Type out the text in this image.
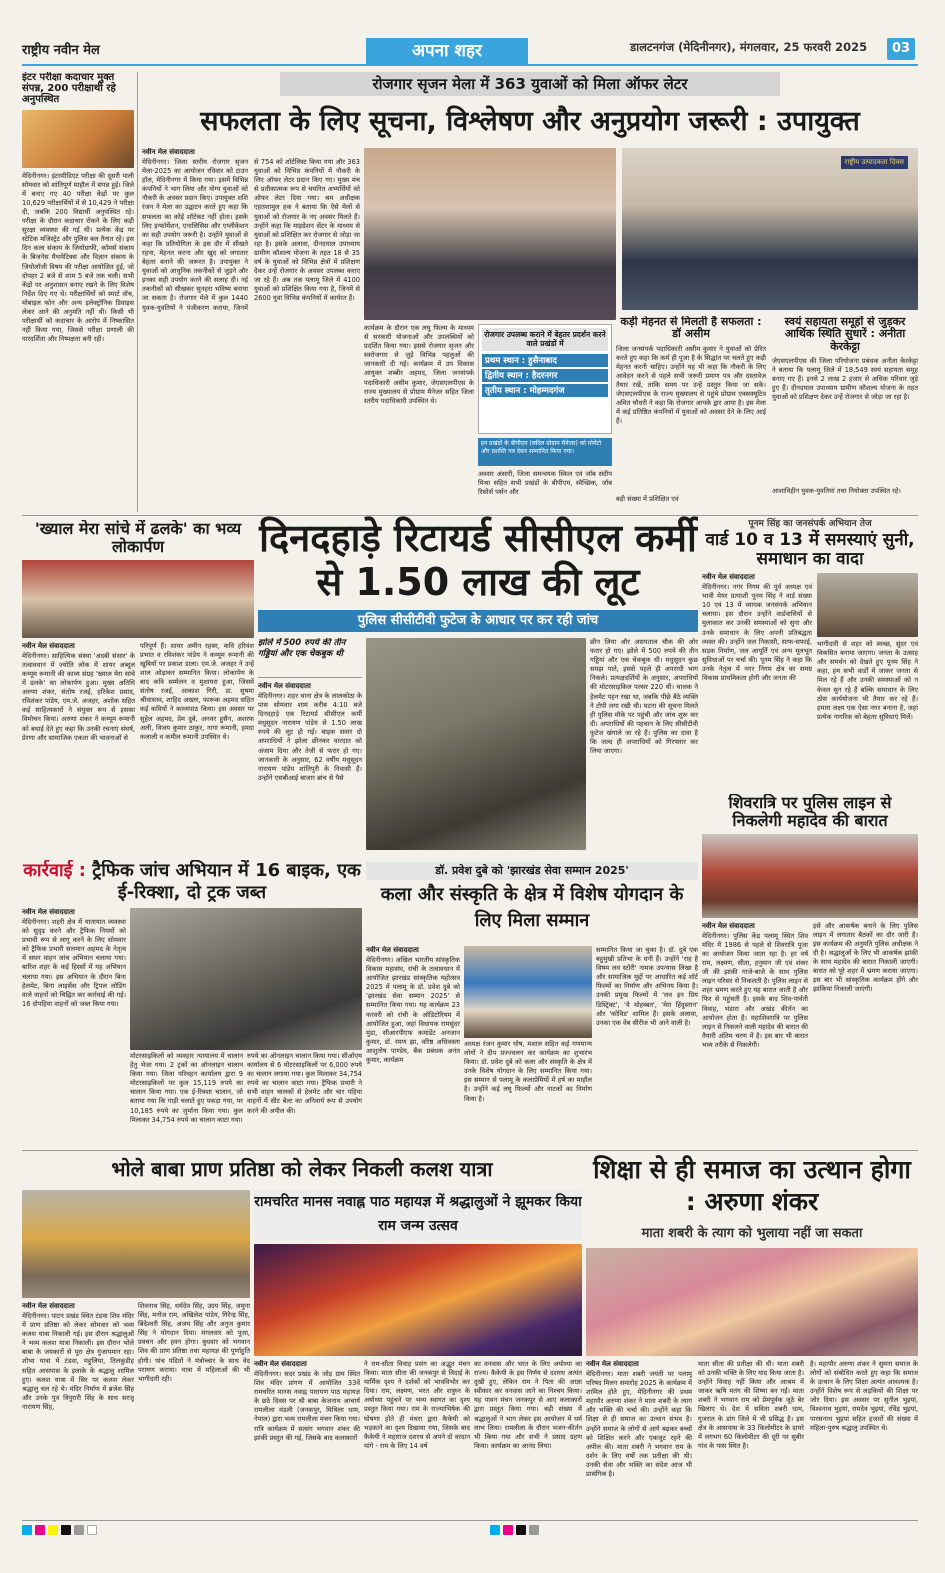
राष्ट्रीय नवीन मेल	अपना शहर	डालटनगंज (मेदिनीनगर), मंगलवार, 25 फरवरी 2025	03
इंटर परीक्षा कदाचार मुक्त संपन्न, 200 परीक्षार्थी रहे अनुपस्थित

मेदिनीनगर। इंटरमीडिएट परीक्षा की दूसरी पाली सोमवार को शांतिपूर्ण माहौल में संपन्न हुई। जिले में बनाए गए 40 परीक्षा केंद्रों पर कुल 10,629 परीक्षार्थियों में से 10,429 ने परीक्षा दी, जबकि 200 विद्यार्थी अनुपस्थित रहे। परीक्षा के दौरान कदाचार रोकने के लिए कड़ी सुरक्षा व्यवस्था की गई थी। प्रत्येक केंद्र पर स्टेटिक मजिस्ट्रेट और पुलिस बल तैनात रहे। इस दिन कला संकाय के जियोग्राफी, कॉमर्स संकाय के बिजनेस मैथमेटिक्स और विज्ञान संकाय के जियोलॉजी विषय की परीक्षा आयोजित हुई, जो दोपहर 2 बजे से शाम 5 बजे तक चली। सभी केंद्रों पर अनुशासन बनाए रखने के लिए विशेष निर्देश दिए गए थे। परीक्षार्थियों को स्मार्ट वॉच, मोबाइल फोन और अन्य इलेक्ट्रॉनिक डिवाइस लेकर आने की अनुमति नहीं थी। किसी भी परीक्षार्थी को कदाचार के आरोप में निष्कासित नहीं किया गया, जिससे परीक्षा प्रणाली की पारदर्शिता और निष्पक्षता बनी रही।

रोजगार सृजन मेला में 363 युवाओं को मिला ऑफर लेटर
सफलता के लिए सूचना, विश्लेषण और अनुप्रयोग जरूरी : उपायुक्त
नवीन मेल संवाददाता

मेदिनीनगर। जिला स्तरीय रोजगार सृजन मेला-2025 का आयोजन रविवार को टाउन हॉल, मेदिनीनगर में किया गया। इसमें विभिन्न कंपनियों ने भाग लिया और योग्य युवाओं को नौकरी के अवसर प्रदान किए। उपायुक्त शशि रंजन ने मेला का उद्घाटन करते हुए कहा कि सफलता का कोई शॉर्टकट नहीं होता। इसके लिए इन्फॉर्मेशन, एनालिसिस और एप्लीकेशन का सही उपयोग जरूरी है। उन्होंने युवाओं से कहा कि प्रतियोगिता के इस दौर में सीखते रहना, मेहनत करना और खुद को लगातार बेहतर बनाने की जरूरत है। उपायुक्त ने युवाओं को आधुनिक तकनीकों से जुड़ने और इनका सही उपयोग करने की सलाह दी। नई तकनीकों को सीखकर सुनहरा भविष्य बनाया जा सकता है। रोजगार मेले में कुल 1440 युवक-युवतियों ने पंजीकरण कराया, जिनमें से 754 को शॉर्टलिस्ट किया गया और 363 युवाओं को विभिन्न कंपनियों में नौकरी के लिए ऑफर लेटर प्रदान किए गए। मुख्य मंच से प्रतीकात्मक रूप से चयनित अभ्यर्थियों को ऑफर लेटर दिया गया। श्रम अधीक्षक एहतशामुल हक ने बताया कि ऐसे मेलों से युवाओं को रोजगार के नए अवसर मिलते हैं। उन्होंने कहा कि माइग्रेशन सेंटर के माध्यम से युवाओं को प्रशिक्षित कर रोजगार से जोड़ा जा रहा है। इसके अलावा, दीनदयाल उपाध्याय ग्रामीण कौशल्य योजना के तहत 18 से 35 वर्ष के युवाओं को विभिन्न क्षेत्रों में प्रशिक्षण देकर उन्हें रोजगार के अवसर उपलब्ध कराए जा रहे हैं। अब तक पलामू जिले में 4100 युवाओं को प्रशिक्षित किया गया है, जिनमें से 2600 युवा विभिन्न कंपनियों में कार्यरत हैं।

राष्ट्रीय उत्पादकता दिवस

कार्यक्रम के दौरान एक लघु फिल्म के माध्यम से सरकारी योजनाओं और उपलब्धियों को प्रदर्शित किया गया। इससे रोजगार सृजन और स्वरोजगार से जुड़े विभिन्न पहलुओं की जानकारी दी गई। कार्यक्रम में उप विकास आयुक्त शब्बीर अहमद, जिला जनसंपर्क पदाधिकारी असीम कुमार, जेएसएलपीएस के राज्य मुख्यालय से प्रोग्राम मैनेजर सहित जिला स्तरीय पदाधिकारी उपस्थित थे।

रोजगार उपलब्ध कराने में बेहतर प्रदर्शन करने वाले प्रखंडों में
प्रथम स्थान : हुसैनाबाद
द्वितीय स्थान : हैदरनगर
तृतीय स्थान : मोहम्मदगंज

इन प्रखंडों के बीपीएम (स्कील प्रोग्राम मैनेजर) को मोमेंटो और प्रशस्ति पत्र देकर सम्मानित किया गया।

अवसर अंसारी, जिला समन्वयक स्किल एवं जॉब संदीप मिश्रा सहित सभी प्रखंडों के बीपीएम, स्वैच्छिक, जॉब रिसोर्स पर्सन और

कड़ी मेहनत से मिलती है सफलता : डॉ असीम

जिला जनसंपर्क पदाधिकारी असीम कुमार ने युवाओं को प्रेरित करते हुए कहा कि कर्म ही पूजा है के सिद्धांत पर चलते हुए कड़ी मेहनत करनी चाहिए। उन्होंने यह भी कहा कि नौकरी के लिए आवेदन करने से पहले सभी जरूरी प्रमाण पत्र और दस्तावेज तैयार रखें, ताकि समय पर उन्हें प्रस्तुत किया जा सके। जेएसएलपीएस के राज्य मुख्यालय से पहुंचे प्रोग्राम एक्सक्यूटिव अमित चौधरी ने कहा कि रोजगार आपके द्वार आया है। इस मेला में कई प्रतिष्ठित कंपनियों में युवाओं को अवसर देने के लिए आई हैं।

बड़ी संख्या में प्रशिक्षित एवं

स्वयं सहायता समूहों से जुड़कर आर्थिक स्थिति सुधारें : अनीता केरकेट्टा

जेएसएलपीएस की जिला परियोजना प्रबंधक अनीता केरकेट्टा ने बताया कि पलामू जिले में 18,549 स्वयं सहायता समूह बनाए गए हैं। इनसे 2 लाख 2 हजार से अधिक परिवार जुड़े हुए हैं। दीनदयाल उपाध्याय ग्रामीण कौशल्य योजना के तहत युवाओं को प्रशिक्षण देकर उन्हें रोजगार से जोड़ा जा रहा है।

आशाविहीन युवक-युवतियां तथा नियोक्ता उपस्थित रहे।

'ख्याल मेरा सांचे में ढलके' का भव्य लोकार्पण
नवीन मेल संवाददाता

मेदिनीनगर। साहित्यिक संस्था 'अदबी संसार' के तत्वावधान में ज्योति लोक में शायर अब्दुल कय्यूम रूमानी की काव्य संग्रह 'ख्याल मेरा सांचे में ढलके' का लोकार्पण हुआ। मुख्य अतिथि अरुणा शंकर, संतोष रजई, हरिकेश प्रसाद, रविशंकर पांडेय, एम.जे. अजहर, अशोक सहित कई साहित्यकारों ने संयुक्त रूप से इसका विमोचन किया। अरुणा शंकर ने कय्यूम रूमानी को बधाई देते हुए कहा कि उनकी रचनाएं संघर्ष, प्रेरणा और सामाजिक एकता की भावनाओं से

परिपूर्ण हैं। शायर अमीन रहबर, कवि हरिवंश प्रभात व रविशंकर पांडेय ने कय्यूम रूमानी की खूबियों पर प्रकाश डाला। एम.जे. अजहर ने उन्हें शाल ओढ़ाकर सम्मानित किया। लोकार्पण के बाद कवि सम्मेलन व मुशायरा हुआ, जिसमें संतोष रजई, आकाश गिरी, डा. सुषमा श्रीवास्तव, शाहिद अख्तर, फारूक अहमद सहित कई कवियों ने काव्यपाठ किया। इस अवसर पर सुहेल अहमद, प्रेम दुबे, अनवर हुसैन, अशरफ अली, विजय कुमार ठाकुर, नागा रूमानी, हमदा कलाली व कमील रूमानी उपस्थित थे।

दिनदहाड़े रिटायर्ड सीसीएल कर्मी से 1.50 लाख की लूट
पुलिस सीसीटीवी फुटेज के आधार पर कर रही जांच

झोले में 500 रुपये की तीन गड्डियां और एक चेकबुक थी

नवीन मेल संवाददाता

मेदिनीनगर। शहर थाना क्षेत्र के लालकोठा के पास सोमवार शाम करीब 4:10 बजे दिनदहाड़े एक रिटायर्ड सीसीएल कर्मी मधुसूदन नारायण पांडेय से 1.50 लाख रुपये की लूट हो गई। बाइक सवार दो अपराधियों ने झोला छीनकर वारदात को अंजाम दिया और तेजी से फरार हो गए। जानकारी के अनुसार, 62 वर्षीय मधुसूदन नारायण पांडेय शांतिपुरी के निवासी हैं। उन्होंने एसबीआई बाजार ब्रांच से पैसे

छीन लिया और असपताल चौक की ओर फरार हो गए। झोले में 500 रुपये की तीन गड्डियां और एक चेकबुक थी। मधुसूदन कुछ समझ पाते, इससे पहले ही अपराधी भाग निकले। प्रत्यक्षदर्शियों के अनुसार, अपराधियों की मोटरसाइकिल पल्सर 220 थी। चालक ने हेलमेट पहन रखा था, जबकि पीछे बैठे व्यक्ति ने टोपी लगा रखी थी। घटना की सूचना मिलते ही पुलिस मौके पर पहुंची और जांच शुरू कर दी। अपराधियों की पहचान के लिए सीसीटीवी फुटेज खंगाले जा रहे हैं। पुलिस का दावा है कि जल्द ही अपराधियों को गिरफ्तार कर लिया जाएगा।

पूनम सिंह का जनसंपर्क अभियान तेज
वार्ड 10 व 13 में समस्याएं सुनी, समाधान का वादा
नवीन मेल संवाददाता

मेदिनीनगर। नगर निगम की पूर्व अध्यक्ष एवं भावी मेयर प्रत्याशी पूनम सिंह ने वार्ड संख्या 10 एवं 13 में व्यापक जनसंपर्क अभियान चलाया। इस दौरान उन्होंने वार्डवासियों से मुलाकात कर उनकी समस्याओं को सुना और उनके समाधान के लिए अपनी प्रतिबद्धता व्यक्त की। उन्होंने जल निकासी, साफ-सफाई, सड़क निर्माण, जल आपूर्ति एवं अन्य मूलभूत सुविधाओं पर चर्चा की। पूनम सिंह ने कहा कि उनके नेतृत्व में नगर निगम क्षेत्र का समग्र विकास प्राथमिकता होगी और जनता की

भागीदारी से शहर को स्वच्छ, सुंदर एवं विकसित बनाया जाएगा। जनता के उत्साह और समर्थन को देखते हुए पूनम सिंह ने कहा, हम सभी वार्डों में जाकर जनता से मिल रहे हैं और उनकी समस्याओं को न केवल सुन रहे हैं बल्कि समाधान के लिए ठोस कार्ययोजना भी तैयार कर रहे हैं। हमारा लक्ष्य एक ऐसा नगर बनाना है, जहां प्रत्येक नागरिक को बेहतर सुविधाएं मिलें।

शिवरात्रि पर पुलिस लाइन से निकलेगी महादेव की बारात
नवीन मेल संवाददाता

मेदिनीनगर। पुलिस केंद्र पलामू स्थित शिव मंदिर में 1986 से पहले से शिवरात्रि पूजा का आयोजन किया जाता रहा है। हर वर्ष राम, लक्ष्मण, सीता, हनुमान जी एवं शंकर जी की झांकी गाजे-बाजे के साथ पुलिस लाइन परिसर से निकलती है। पुलिस लाइन से शहर भ्रमण करते हुए यह बारात जाती है और फिर से पहुंचती है। इसके बाद शिव-पार्वती विवाह, भंडारा और अखंड कीर्तन का आयोजन होता है। महाशिवरात्रि पर पुलिस लाइन से निकलने वाली महादेव की बारात की तैयारी अंतिम चरण में है। इस बार भी बारात भव्य तरीके से निकलेगी।

इसे और आकर्षक बनाने के लिए पुलिस लाइन में लगातार बैठकों का दौर जारी है। इस कार्यक्रम की अनुमति पुलिस अधीक्षक ने दी है। श्रद्धालुओं के लिए भी आकर्षक झांकी के साथ महादेव की बारात निकाली जाएगी। बारात को पूरे शहर में भ्रमण कराया जाएगा। इस बार भी सांस्कृतिक कार्यक्रम होंगे और झांकियां निकाली जाएंगी।

कार्रवाई : ट्रैफिक जांच अभियान में 16 बाइक, एक ई-रिक्शा, दो ट्रक जब्त
नवीन मेल संवाददाता

मेदिनीनगर। शहरी क्षेत्र में यातायात व्यवस्था को सुदृढ़ करने और ट्रैफिक नियमों को प्रभावी रूप से लागू करने के लिए सोमवार को ट्रैफिक प्रभारी सलमान अहमद के नेतृत्व में सघन वाहन जांच अभियान चलाया गया। बारिश शहर के कई हिस्सों में यह अभियान चलाया गया। इस अभियान के दौरान बिना हेलमेट, बिना लाइसेंस और ट्रिपल लोडिंग वाले वाहनों को चिह्नित कर कार्रवाई की गई। 16 दोपहिया वाहनों को जब्त किया गया।

मोटरसाइकिलों को व्यवहार न्यायालय में चालान हेतु भेजा गया। 2 ट्रकों का ऑनलाइन चालान किया गया। जिला परिवहन कार्यालय द्वारा 9 मोटरसाइकिलों पर कुल 15,119 रुपये का चालान किया गया। एक ई-रिक्शा चालान, जो बताया गया कि गाड़ी चलाते हुए पकड़ा गया, पर 10,185 रुपये का जुर्माना किया गया। कुल मिलाकर 34,754 रुपये का चालान काटा गया।

रुपये का ऑनलाइन चालान किया गया। सीओएम कार्यालय से 6 मोटरसाइकिलों पर 6,000 रुपये का चालान लगाया गया। कुल मिलाकर 34,754 रुपये का चालान काटा गया। ट्रैफिक प्रभारी ने सभी वाहन चालकों से हेलमेट और चार पहिया वाहनों में सीट बेल्ट का अनिवार्य रूप से उपयोग करने की अपील की।

डॉ. प्रवेश दुबे को 'झारखंड सेवा सम्मान 2025'
कला और संस्कृति के क्षेत्र में विशेष योगदान के लिए मिला सम्मान
नवीन मेल संवाददाता

मेदिनीनगर। अखिल भारतीय सांस्कृतिक विकास महासंघ, रांची के तत्वावधान में आयोजित झारखंड सांस्कृतिक महोत्सव 2025 में पलामू के डॉ. प्रवेश दुबे को 'झारखंड सेवा सम्मान 2025' से सम्मानित किया गया। यह कार्यक्रम 23 फरवरी को रांची के ऑडिटोरियम में आयोजित हुआ, जहां विधायक रामसुंदर मुंडा, सीआरपीएफ कमांडेंट अनजान कुमार, डॉ. रमण झा, वरिष्ठ अधिवक्ता आशुतोष पाण्डेय, बैंक प्रबंधक अनंत कुमार, कार्यक्रम

अध्यक्ष रंजन कुमार घोष, मशाल सहित कई गणमान्य लोगों ने दीप प्रज्ज्वलन कर कार्यक्रम का शुभारंभ किया। डॉ. प्रवेश दुबे को कला और संस्कृति के क्षेत्र में उनके विशेष योगदान के लिए सम्मानित किया गया। इस सम्मान से पलामू के कलाप्रेमियों में हर्ष का माहौल है। उन्होंने कई लघु फिल्मों और नाटकों का निर्माण किया है।

सम्मानित किया जा चुका है। डॉ. दुबे एक बहुमुखी प्रतिभा के धनी हैं। उन्होंने 'राह है विषम लव स्टोरी' नामक उपन्यास लिखा है और सामाजिक मुद्दों पर आधारित कई शॉर्ट फिल्मों का निर्माण और अभिनय किया है। उनकी प्रमुख फिल्मों में 'लव इन प्रिय डिस्ट्रिक्ट', 'ये मोहब्बत', 'मेरा हिंदुस्तान' और 'कोविड' शामिल हैं। इसके अलावा, उनका एक वेब सीरीज भी आने वाली है।

भोले बाबा प्राण प्रतिष्ठा को लेकर निकली कलश यात्रा
नवीन मेल संवाददाता

मेदिनीनगर। पाटन प्रखंड स्थित टंडवा शिव मंदिर में प्राण प्रतिष्ठा को लेकर सोमवार को भव्य कलश यात्रा निकाली गई। इस दौरान श्रद्धालुओं ने भव्य कलश यात्रा निकाली। इस दौरान भोले बाबा के जयकारों से पूरा क्षेत्र गुंजायमान रहा। शोभा यात्रा में टंडवा, महुलिया, तिलकुडीह सहित आसपास के इलाके के श्रद्धालु शामिल हुए। कलश यात्रा में सिर पर कलश लेकर श्रद्धालु चल रहे थे। मंदिर निर्माण में ब्रजेश सिंह और उनके पुत्र त्रिपुरारी सिंह के साथ सरजू नारायण सिंह,

शिवनाथ सिंह, धर्मदेव सिंह, उदय सिंह, जमुना सिंह, मनोज राम, अखिलेश पांडेय, गिरेन्द्र सिंह, बिंदेश्वरी सिंह, अजय सिंह और अनुज कुमार सिंह ने योगदान दिया। मंगलवार को पूजा, प्रवचन और हवन होगा। बुधवार को भगवान शिव की प्राण प्रतिष्ठा तथा महायज्ञ की पूर्णाहुति होगी। पांच पंडितों ने मंत्रोच्चार के साथ वेद परायण कराया। यात्रा में महिलाओं की भी भागीदारी रही।

रामचरित मानस नवाह्न पाठ महायज्ञ में श्रद्धालुओं ने झूमकर किया राम जन्म उत्सव
नवीन मेल संवाददाता

मेदिनीनगर। सदर प्रखंड के जोड़ ग्राम स्थित शिव मंदिर प्रांगण में आयोजित 33वें रामचरित मानस नवाह्न पारायण पाठ महायज्ञ के छठे दिवस पर श्री बाबा केजनाथ आचार्य रामलीला मंडली (जनकपुर, मिथिला धाम, नेपाल) द्वारा भव्य रामलीला मंचन किया गया। रात्रि कार्यक्रम में सत्संग भगवान शंकर की झांकी प्रस्तुत की गई, जिसके बाद कलाकारों

ने राम-सीता विवाह प्रसंग का अद्भुत मंचन किया। माता सीता की जनकपुर से विदाई के मार्मिक दृश्य ने दर्शकों को भावविभोर कर दिया। राम, लक्ष्मण, भरत और शत्रुघ्न के अयोध्या पहुंचने पर भव्य स्वागत का दृश्य प्रस्तुत किया गया। राम के राज्याभिषेक की घोषणा होते ही मंथरा द्वारा कैकेयी को भड़काने का दृश्य दिखाया गया, जिसके बाद कैकेयी ने महाराज दशरथ से अपने दो वरदान मांगे - राम के लिए 14 वर्ष

का वनवास और भरत के लिए अयोध्या का राज्य। कैकेयी के इस निर्णय से दशरथ अत्यंत दुखी हुए, लेकिन राम ने पिता की आज्ञा स्वीकार कर वनवास जाने का निश्चय किया। यह पावन मंचन जनकपुर से आए कलाकारों द्वारा प्रस्तुत किया गया। बड़ी संख्या में श्रद्धालुओं ने भाग लेकर इस आयोजन में धर्म लाभ लिया। रामलीला के दौरान भजन-कीर्तन भी किया गया और सभी ने प्रसाद ग्रहण किया। कार्यक्रम का आनंद लिया।

शिक्षा से ही समाज का उत्थान होगा : अरुणा शंकर
माता शबरी के त्याग को भुलाया नहीं जा सकता
नवीन मेल संवाददाता

मेदिनीनगर। माता शबरी जयंती पर पलामू परिषद मिलन समारोह 2025 के कार्यक्रम में शामिल होते हुए, मेदिनीनगर की प्रथम महापौर अरुणा शंकर ने माता शबरी के त्याग और भक्ति की चर्चा की। उन्होंने कहा कि शिक्षा से ही समाज का उत्थान संभव है। उन्होंने समाज के लोगों से आगे बढ़कर बच्चों को शिक्षित करने और एकजुट रहने की अपील की। माता शबरी ने भगवान राम के दर्शन के लिए वर्षों तक प्रतीक्षा की थी। उनकी सेवा और भक्ति का संदेश आज भी प्रासंगिक है।

माता सीता की प्रतीक्षा की थी। माता शबरी को उनकी भक्ति के लिए याद किया जाता है। उन्होंने विवाह नहीं किया और आश्रम में जाकर ऋषि मतंग की शिष्या बन गईं। माता शबरी ने भगवान राम को प्रेमपूर्वक जूठे बेर खिलाए थे। देश में सविता शबरी धाम, गुजरात के डांग जिले में भी प्रसिद्ध है। इस क्षेत्र के आसपास के 33 किलोमीटर के दायरे में लगभग 60 किलोमीटर की दूरी पर सुबीर गांव के पास स्थित है।

है। महापौर अरुणा शंकर ने सुमना समाज के लोगों को संबोधित करते हुए कहा कि समाज के उत्थान के लिए शिक्षा अत्यंत आवश्यक है। उन्होंने विशेष रूप से लड़कियों की शिक्षा पर जोर दिया। इस अवसर पर सुनील भुइयां, विश्वनाथ भुइयां, रामदेव भुइयां, रविंद्र भुइयां, पारसनाथ भुइयां सहित हजारों की संख्या में महिला-पुरुष श्रद्धालु उपस्थित थे।
